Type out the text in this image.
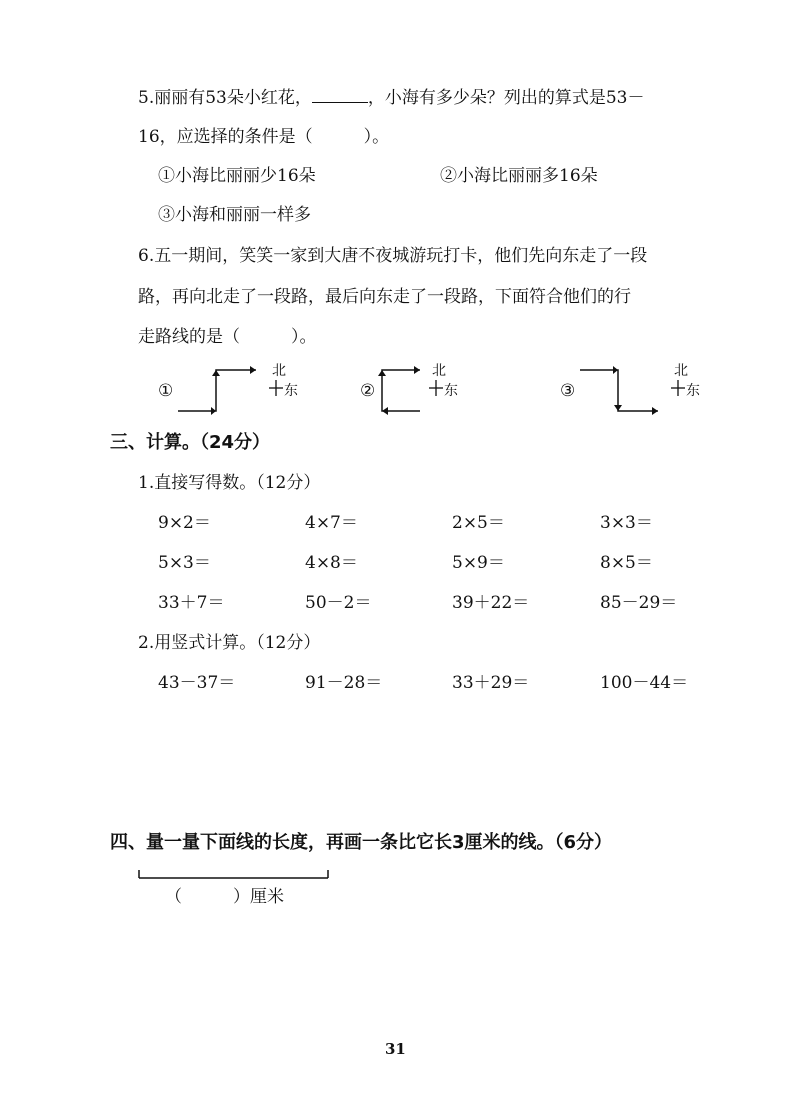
5.丽丽有53朵小红花，	，小海有多少朵？列出的算式是53－
16，应选择的条件是（　　　）。
①小海比丽丽少16朵	②小海比丽丽多16朵
③小海和丽丽一样多
6.五一期间，笑笑一家到大唐不夜城游玩打卡，他们先向东走了一段
路，再向北走了一段路，最后向东走了一段路，下面符合他们的行
走路线的是（　　　）。
①
北
东	②
北
东	③
北
东
三、计算。（24分）
1.直接写得数。（12分）
9×2＝	4×7＝	2×5＝	3×3＝
5×3＝	4×8＝	5×9＝	8×5＝
33＋7＝	50－2＝	39＋22＝	85－29＝
2.用竖式计算。（12分）
43－37＝	91－28＝	33＋29＝	100－44＝
四、量一量下面线的长度，再画一条比它长3厘米的线。（6分）
（　　　）厘米
31
